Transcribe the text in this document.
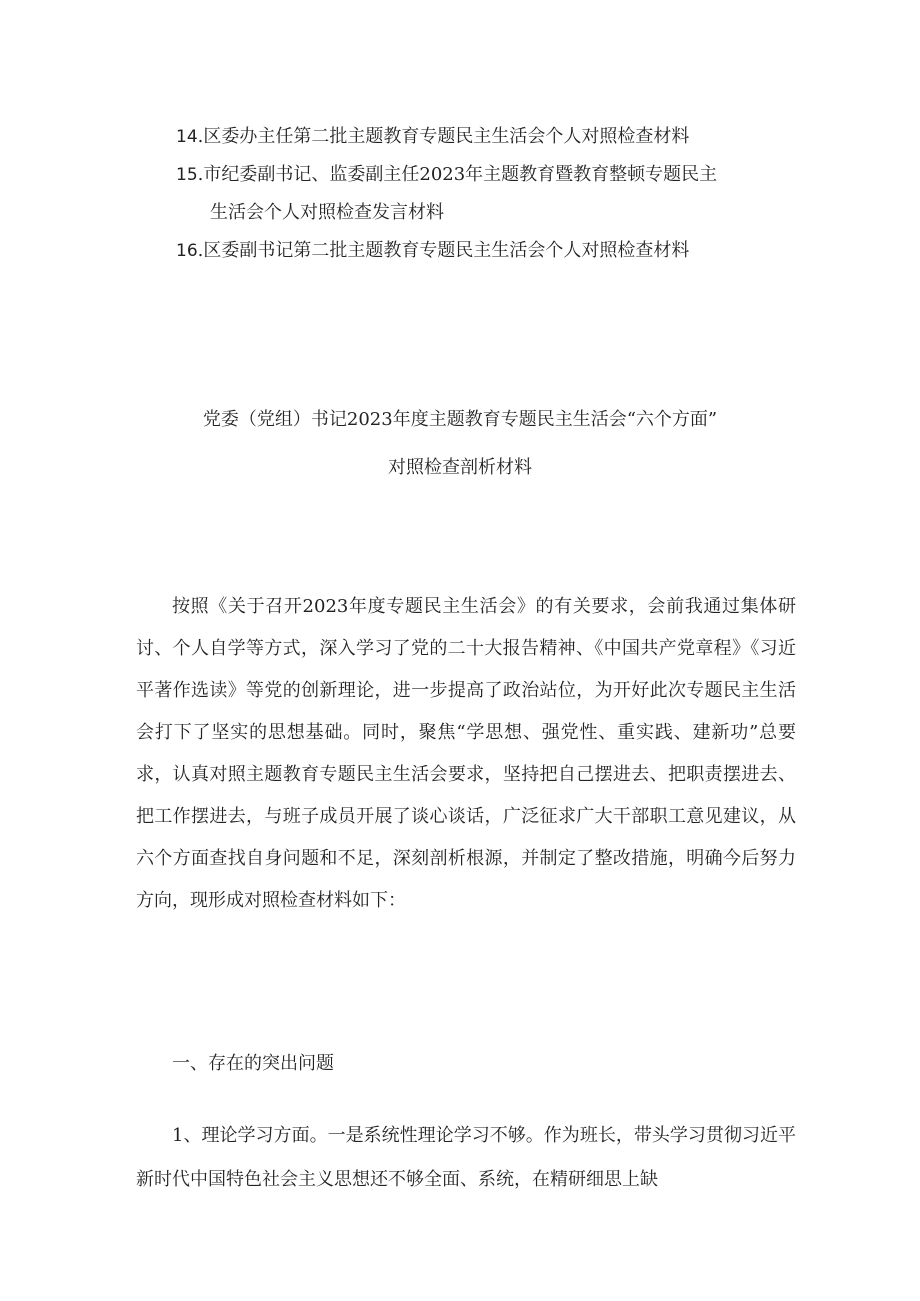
14.区委办主任第二批主题教育专题民主生活会个人对照检查材料
15.市纪委副书记、监委副主任2023年主题教育暨教育整顿专题民主
生活会个人对照检查发言材料
16.区委副书记第二批主题教育专题民主生活会个人对照检查材料
党委（党组）书记2023年度主题教育专题民主生活会“六个方面”
对照检查剖析材料

按照《关于召开2023年度专题民主生活会》的有关要求，会前我通过集体研讨、个人自学等方式，深入学习了党的二十大报告精神、《中国共产党章程》《习近平著作选读》等党的创新理论，进一步提高了政治站位，为开好此次专题民主生活会打下了坚实的思想基础。同时，聚焦“学思想、强党性、重实践、建新功”总要求，认真对照主题教育专题民主生活会要求，坚持把自己摆进去、把职责摆进去、把工作摆进去，与班子成员开展了谈心谈话，广泛征求广大干部职工意见建议，从六个方面查找自身问题和不足，深刻剖析根源，并制定了整改措施，明确今后努力方向，现形成对照检查材料如下：

一、存在的突出问题

1、理论学习方面。一是系统性理论学习不够。作为班长，带头学习贯彻习近平新时代中国特色社会主义思想还不够全面、系统，在精研细思上缺
